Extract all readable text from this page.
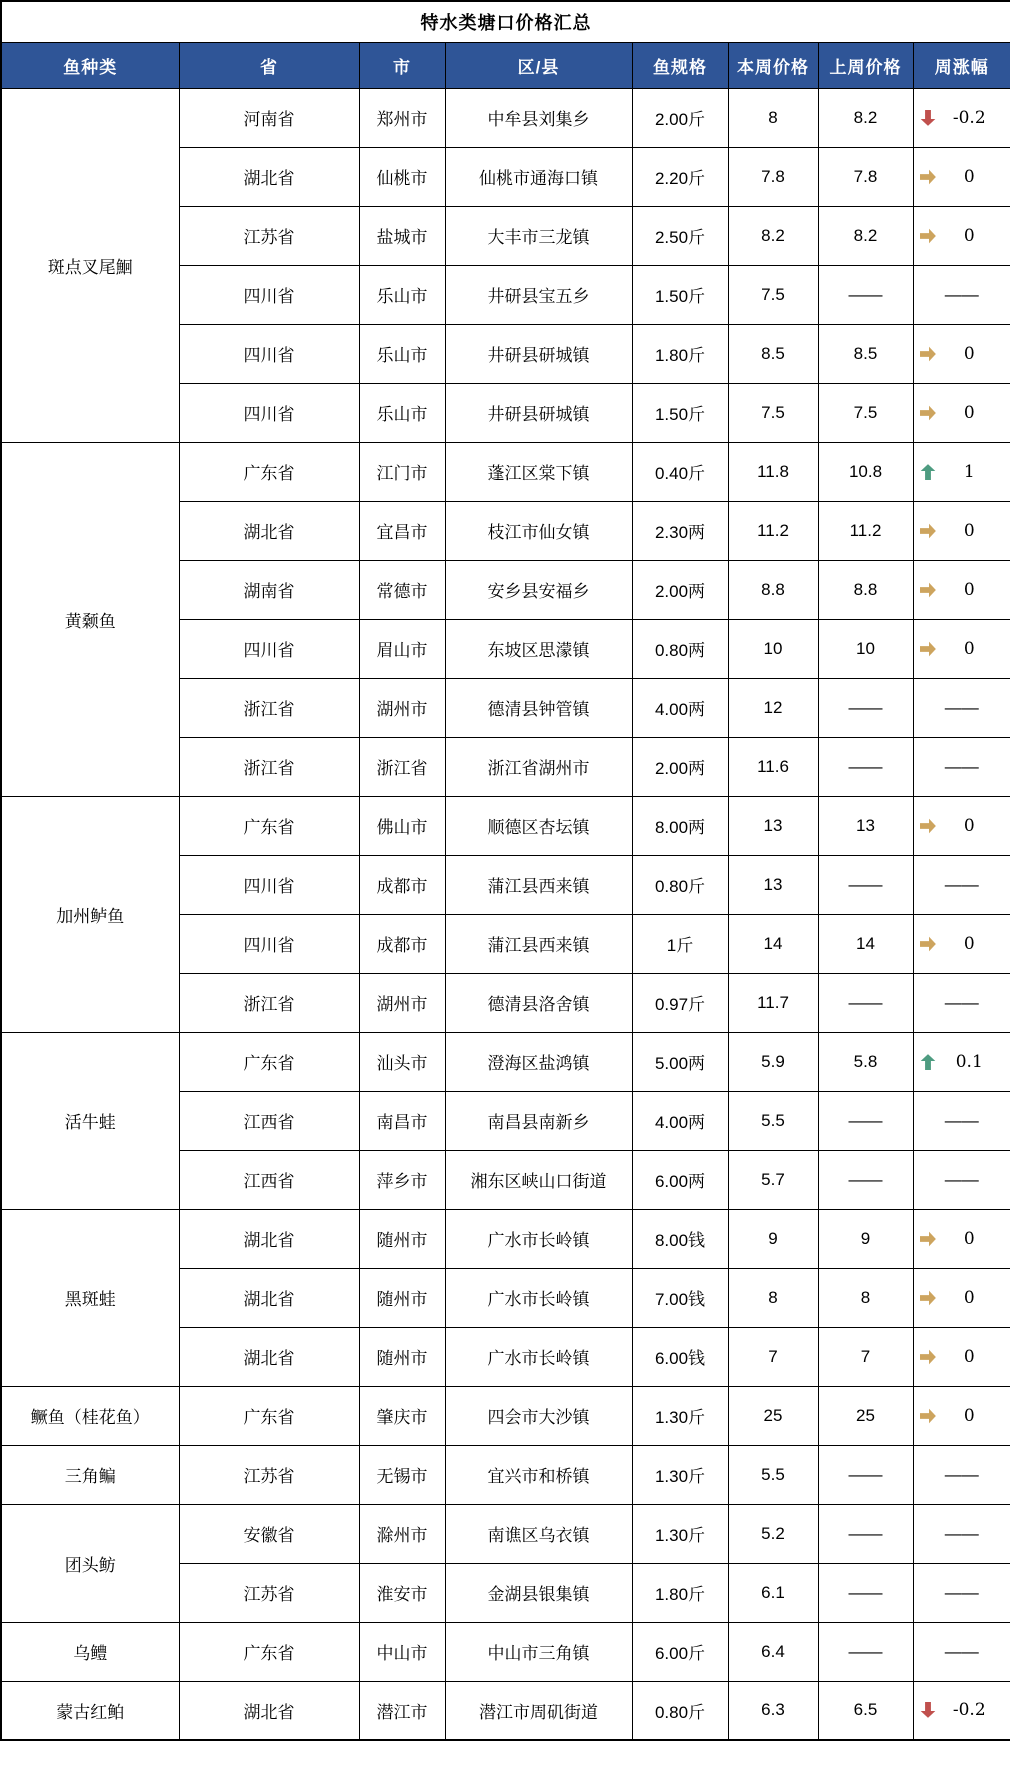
特水类塘口价格汇总							
鱼种类	省	市	区/县	鱼规格	本周价格	上周价格	周涨幅
斑点叉尾鮰	河南省	郑州市	中牟县刘集乡	2.00斤	8	8.2	-0.2

	湖北省	仙桃市	仙桃市通海口镇	2.20斤	7.8	7.8	0

	江苏省	盐城市	大丰市三龙镇	2.50斤	8.2	8.2	0

	四川省	乐山市	井研县宝五乡	1.50斤	7.5	——	——
	四川省	乐山市	井研县研城镇	1.80斤	8.5	8.5	0

	四川省	乐山市	井研县研城镇	1.50斤	7.5	7.5	0

黄颡鱼	广东省	江门市	蓬江区棠下镇	0.40斤	11.8	10.8	1

	湖北省	宜昌市	枝江市仙女镇	2.30两	11.2	11.2	0

	湖南省	常德市	安乡县安福乡	2.00两	8.8	8.8	0

	四川省	眉山市	东坡区思濛镇	0.80两	10	10	0

	浙江省	湖州市	德清县钟管镇	4.00两	12	——	——
	浙江省	浙江省	浙江省湖州市	2.00两	11.6	——	——
加州鲈鱼	广东省	佛山市	顺德区杏坛镇	8.00两	13	13	0

	四川省	成都市	蒲江县西来镇	0.80斤	13	——	——
	四川省	成都市	蒲江县西来镇	1斤	14	14	0

	浙江省	湖州市	德清县洛舍镇	0.97斤	11.7	——	——
活牛蛙	广东省	汕头市	澄海区盐鸿镇	5.00两	5.9	5.8	0.1

	江西省	南昌市	南昌县南新乡	4.00两	5.5	——	——
	江西省	萍乡市	湘东区峡山口街道	6.00两	5.7	——	——
黑斑蛙	湖北省	随州市	广水市长岭镇	8.00钱	9	9	0

	湖北省	随州市	广水市长岭镇	7.00钱	8	8	0

	湖北省	随州市	广水市长岭镇	6.00钱	7	7	0

鳜鱼（桂花鱼）	广东省	肇庆市	四会市大沙镇	1.30斤	25	25	0

三角鳊	江苏省	无锡市	宜兴市和桥镇	1.30斤	5.5	——	——
团头鲂	安徽省	滁州市	南谯区乌衣镇	1.30斤	5.2	——	——
	江苏省	淮安市	金湖县银集镇	1.80斤	6.1	——	——
乌鳢	广东省	中山市	中山市三角镇	6.00斤	6.4	——	——
蒙古红鲌	湖北省	潜江市	潜江市周矶街道	0.80斤	6.3	6.5	-0.2
